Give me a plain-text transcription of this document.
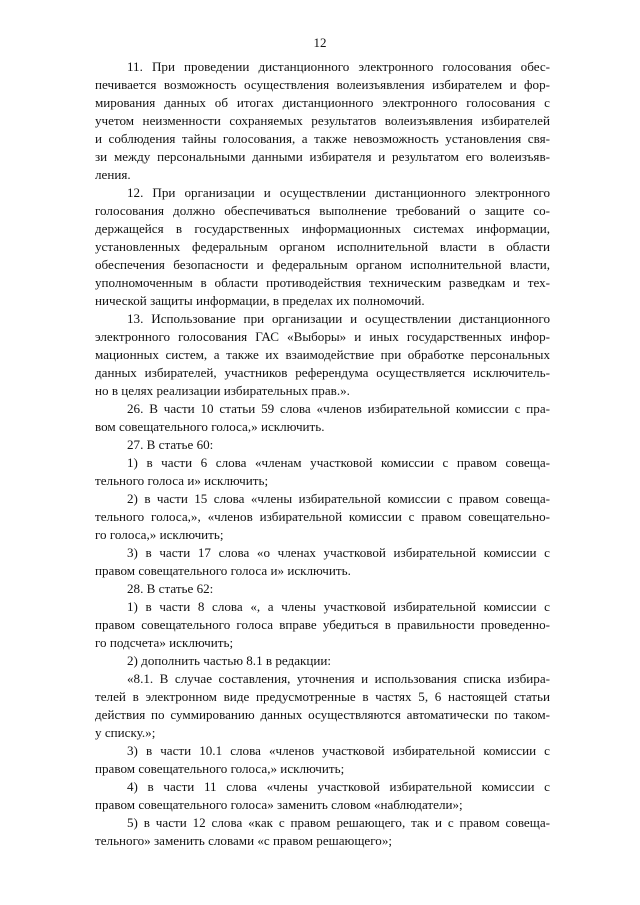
12
11. При проведении дистанционного электронного голосования обес-
печивается возможность осуществления волеизъявления избирателем и фор-
мирования данных об итогах дистанционного электронного голосования с
учетом неизменности сохраняемых результатов волеизъявления избирателей
и соблюдения тайны голосования, а также невозможность установления свя-
зи между персональными данными избирателя и результатом его волеизъяв-
ления.
12. При организации и осуществлении дистанционного электронного
голосования должно обеспечиваться выполнение требований о защите со-
держащейся в государственных информационных системах информации,
установленных федеральным органом исполнительной власти в области
обеспечения безопасности и федеральным органом исполнительной власти,
уполномоченным в области противодействия техническим разведкам и тех-
нической защиты информации, в пределах их полномочий.
13. Использование при организации и осуществлении дистанционного
электронного голосования ГАС «Выборы» и иных государственных инфор-
мационных систем, а также их взаимодействие при обработке персональных
данных избирателей, участников референдума осуществляется исключитель-
но в целях реализации избирательных прав.».
26. В части 10 статьи 59 слова «членов избирательной комиссии с пра-
вом совещательного голоса,» исключить.
27. В статье 60:
1) в части 6 слова «членам участковой комиссии с правом совеща-
тельного голоса и» исключить;
2) в части 15 слова «члены избирательной комиссии с правом совеща-
тельного голоса,», «членов избирательной комиссии с правом совещательно-
го голоса,» исключить;
3) в части 17 слова «о членах участковой избирательной комиссии с
правом совещательного голоса и» исключить.
28. В статье 62:
1) в части 8 слова «, а члены участковой избирательной комиссии с
правом совещательного голоса вправе убедиться в правильности проведенно-
го подсчета» исключить;
2) дополнить частью 8.1 в редакции:
«8.1. В случае составления, уточнения и использования списка избира-
телей в электронном виде предусмотренные в частях 5, 6 настоящей статьи
действия по суммированию данных осуществляются автоматически по таком-
у списку.»;
3) в части 10.1 слова «членов участковой избирательной комиссии с
правом совещательного голоса,» исключить;
4) в части 11 слова «члены участковой избирательной комиссии с
правом совещательного голоса» заменить словом «наблюдатели»;
5) в части 12 слова «как с правом решающего, так и с правом совеща-
тельного» заменить словами «с правом решающего»;
